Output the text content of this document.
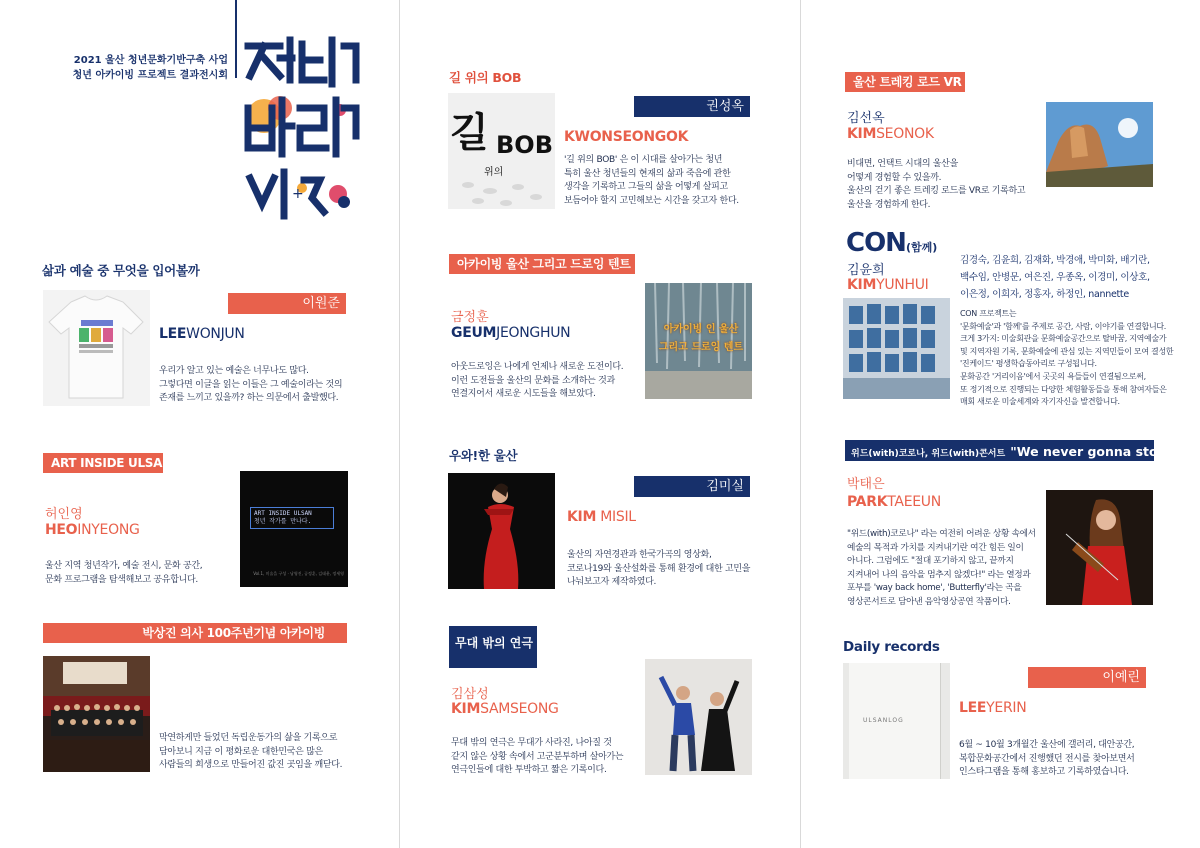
2021 울산 청년문화기반구축 사업
청년 아카이빙 프로젝트 결과전시회
+
삶과 예술 중 무엇을 입어볼까
이원준
LEEWONJUN
우리가 알고 있는 예술은 너무나도 많다.
그렇다면 이글을 읽는 이들은 그 예술이라는 것의
존재를 느끼고 있을까? 하는 의문에서 출발했다.
ART INSIDE ULSAN
허인영
HEOINYEONG
울산 지역 청년작가, 예술 전시, 문화 공간,
문화 프로그램을 탐색해보고 공유합니다.
ART INSIDE ULSAN
청년 작가를 만나다.
Vol.1, 미술을 구성 · 남영진, 공정훈, 김태윤, 정세영
박상진 의사 100주년기념 아카이빙
막연하게만 들었던 독립운동가의 삶을 기록으로
담아보니 지금 이 평화로운 대한민국은 많은
사람들의 희생으로 만들어진 값진 곳임을 깨닫다.
길 위의 BOB
길 BOB
위의
권성옥
KWONSEONGOK
'길 위의 BOB' 은 이 시대를 살아가는 청년
특히 울산 청년들의 현재의 삶과 죽음에 관한
생각을 기록하고 그들의 삶을 어떻게 살피고
보듬어야 할지 고민해보는 시간을 갖고자 한다.
아카이빙 울산 그리고 드로잉 텐트
금정훈
GEUMJEONGHUN
아웃드로잉은 나에게 언제나 새로운 도전이다.
이런 도전들을 울산의 문화를 소개하는 것과
연결지어서 새로운 시도들을 해보았다.
아카이빙 인 울산
그리고 드로잉 텐트
우와!한 울산
김미실
KIM MISIL
울산의 자연경관과 한국가곡의 영상화,
코로나19와 울산설화를 통해 환경에 대한 고민을
나눠보고자 제작하였다.
무대 밖의 연극
김삼성
KIMSAMSEONG
무대 밖의 연극은 무대가 사라진, 나아질 것
같지 않은 상황 속에서 고군분투하며 살아가는
연극인들에 대한 투박하고 짧은 기록이다.
울산 트레킹 로드 VR
김선옥
KIMSEONOK
비대면, 언택트 시대의 울산을
어떻게 경험할 수 있을까.
울산의 걷기 좋은 트레킹 로드를 VR로 기록하고
울산을 경험하게 한다.
CON(함께)
김윤희
KIMYUNHUI
김경숙, 김윤희, 김재화, 박경애, 박미화, 배기란,
백수임, 안병문, 여은진, 우종옥, 이경미, 이상호,
이은정, 이희자, 정홍자, 하정인, nannette
CON 프로젝트는
'문화예술'과 '함께'를 주제로 공간, 사람, 이야기를 연결합니다.
크게 3가지: 미술회관을 문화예술공간으로 탈바꿈, 지역예술가
및 지역자원 기록, 문화예술에 관심 있는 지역민들이 모여 결성한
'진케이드' 평생학습동아리로 구성됩니다.
문화공간 '거리이음'에서 곳곳의 욕들들이 연결됨으로써,
또 정기적으로 진행되는 다양한 체험활동들을 통해 참여자들은
매회 새로운 미술세계와 자기자신을 발견합니다.
위드(with)코로나, 위드(with)콘서트 "We never gonna stop!"
박태은
PARKTAEEUN
"위드(with)코로나" 라는 여전히 어려운 상황 속에서
예술의 목적과 가치를 지켜내기란 여간 힘든 일이
아니다. 그럼에도 "절대 포기하지 않고, 끝까지
지켜내어 나의 음악을 멈추지 않겠다!" 라는 열정과
포부를 'way back home', 'Butterfly'라는 곡을
영상콘서트로 담아낸 음악영상공연 작품이다.
Daily records
ULSANLOG
이예린
LEEYERIN
6월 ~ 10월 3개월간 울산에 갤러리, 대안공간,
복합문화공간에서 진행했던 전시를 찾아보면서
인스타그램을 통해 홍보하고 기록하였습니다.
